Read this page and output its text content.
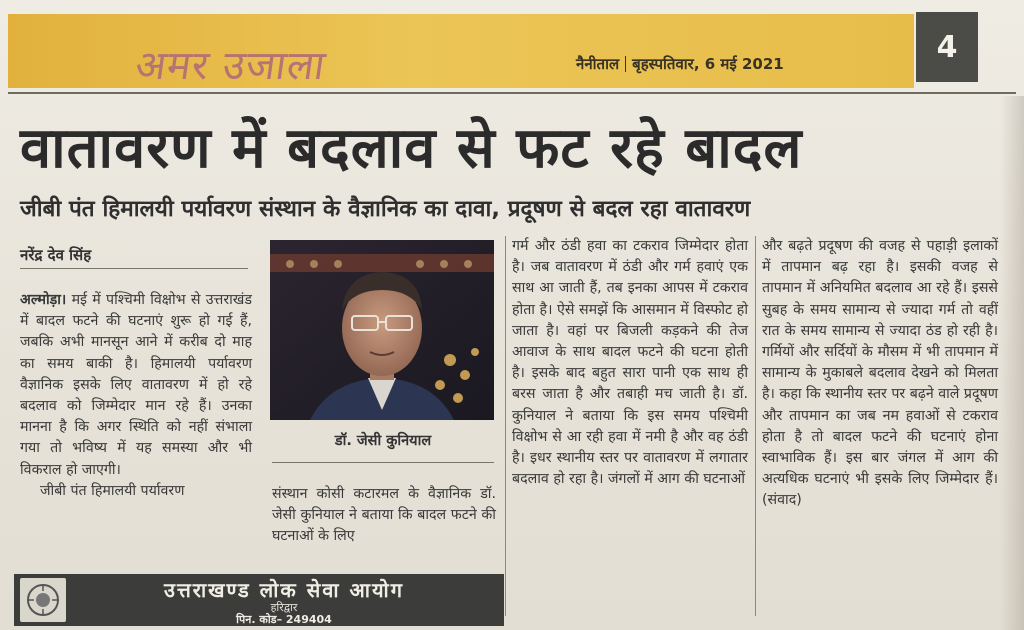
अमर उजाला	नैनीताल बृहस्पतिवार, 6 मई 2021	4
वातावरण में बदलाव से फट रहे बादल
जीबी पंत हिमालयी पर्यावरण संस्थान के वैज्ञानिक का दावा, प्रदूषण से बदल रहा वातावरण
नरेंद्र देव सिंह

अल्मोड़ा। मई में पश्चिमी विक्षोभ से उत्तराखंड में बादल फटने की घटनाएं शुरू हो गई हैं, जबकि अभी मानसून आने में करीब दो माह का समय बाकी है। हिमालयी पर्यावरण वैज्ञानिक इसके लिए वातावरण में हो रहे बदलाव को जिम्मेदार मान रहे हैं। उनका मानना है कि अगर स्थिति को नहीं संभाला गया तो भविष्य में यह समस्या और भी विकराल हो जाएगी।

जीबी पंत हिमालयी पर्यावरण

डॉ. जेसी कुनियाल

संस्थान कोसी कटारमल के वैज्ञानिक डॉ. जेसी कुनियाल ने बताया कि बादल फटने की घटनाओं के लिए

गर्म और ठंडी हवा का टकराव जिम्मेदार होता है। जब वातावरण में ठंडी और गर्म हवाएं एक साथ आ जाती हैं, तब इनका आपस में टकराव होता है। ऐसे समझें कि आसमान में विस्फोट हो जाता है। वहां पर बिजली कड़कने की तेज आवाज के साथ बादल फटने की घटना होती है। इसके बाद बहुत सारा पानी एक साथ ही बरस जाता है और तबाही मच जाती है। डॉ. कुनियाल ने बताया कि इस समय पश्चिमी विक्षोभ से आ रही हवा में नमी है और वह ठंडी है। इधर स्थानीय स्तर पर वातावरण में लगातार बदलाव हो रहा है। जंगलों में आग की घटनाओं

और बढ़ते प्रदूषण की वजह से पहाड़ी इलाकों में तापमान बढ़ रहा है। इसकी वजह से तापमान में अनियमित बदलाव आ रहे हैं। इससे सुबह के समय सामान्य से ज्यादा गर्म तो वहीं रात के समय सामान्य से ज्यादा ठंड हो रही है। गर्मियों और सर्दियों के मौसम में भी तापमान में सामान्य के मुकाबले बदलाव देखने को मिलता है। कहा कि स्थानीय स्तर पर बढ़ने वाले प्रदूषण और तापमान का जब नम हवाओं से टकराव होता है तो बादल फटने की घटनाएं होना स्वाभाविक हैं। इस बार जंगल में आग की अत्यधिक घटनाएं भी इसके लिए जिम्मेदार हैं। (संवाद)

उत्तराखण्ड लोक सेवा आयोग
हरिद्वार
पिन. कोड– 249404
